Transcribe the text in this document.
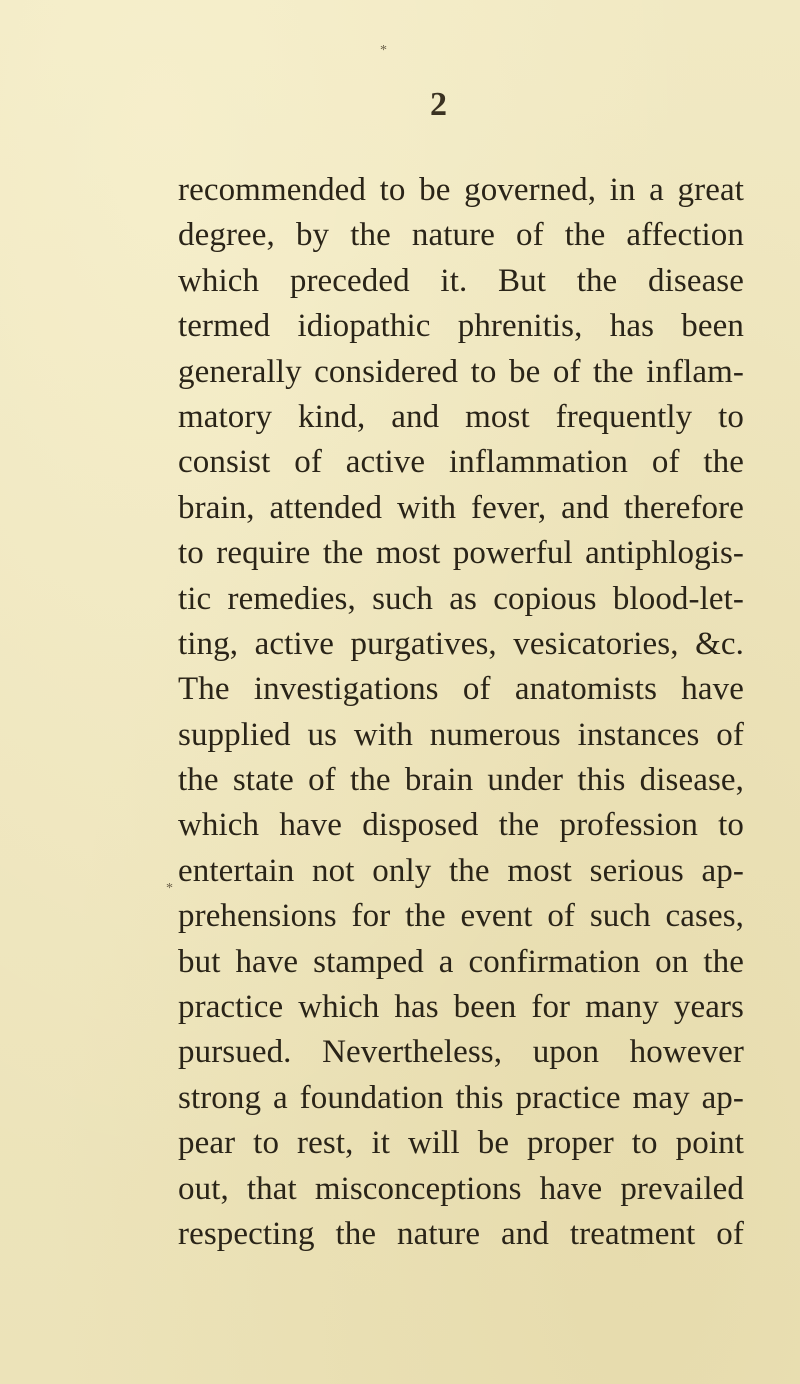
2
*
*
recommended to be governed, in a great
degree, by the nature of the affection
which preceded it. But the disease
termed idiopathic phrenitis, has been
generally considered to be of the inflam-
matory kind, and most frequently to
consist of active inflammation of the
brain, attended with fever, and therefore
to require the most powerful antiphlogis-
tic remedies, such as copious blood-let-
ting, active purgatives, vesicatories, &c.
The investigations of anatomists have
supplied us with numerous instances of
the state of the brain under this disease,
which have disposed the profession to
entertain not only the most serious ap-
prehensions for the event of such cases,
but have stamped a confirmation on the
practice which has been for many years
pursued. Nevertheless, upon however
strong a foundation this practice may ap-
pear to rest, it will be proper to point
out, that misconceptions have prevailed
respecting the nature and treatment of
